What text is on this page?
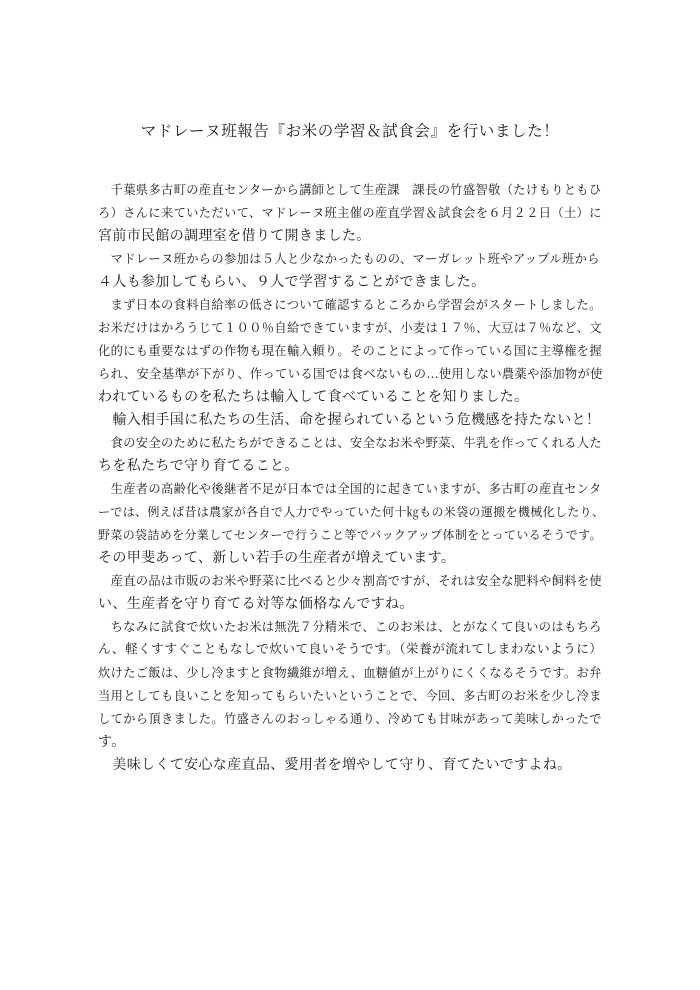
マドレーヌ班報告『お米の学習＆試食会』を行いました！
　千葉県多古町の産直センターから講師として生産課　課長の竹盛智敬（たけもりともひ
ろ）さんに来ていただいて、マドレーヌ班主催の産直学習＆試食会を６月２２日（土）に
宮前市民館の調理室を借りて開きました。
　マドレーヌ班からの参加は５人と少なかったものの、マーガレット班やアップル班から
４人も参加してもらい、９人で学習することができました。
　まず日本の食料自給率の低さについて確認するところから学習会がスタートしました。
お米だけはかろうじて１００％自給できていますが、小麦は１７％、大豆は７％など、文
化的にも重要なはずの作物も現在輸入頼り。そのことによって作っている国に主導権を握
られ、安全基準が下がり、作っている国では食べないもの…使用しない農薬や添加物が使
われているものを私たちは輸入して食べていることを知りました。
　輸入相手国に私たちの生活、命を握られているという危機感を持たないと！
　食の安全のために私たちができることは、安全なお米や野菜、牛乳を作ってくれる人た
ちを私たちで守り育てること。
　生産者の高齢化や後継者不足が日本では全国的に起きていますが、多古町の産直センタ
ーでは、例えば昔は農家が各自で人力でやっていた何十㎏もの米袋の運搬を機械化したり、
野菜の袋詰めを分業してセンターで行うこと等でバックアップ体制をとっているそうです。
その甲斐あって、新しい若手の生産者が増えています。
　産直の品は市販のお米や野菜に比べると少々割高ですが、それは安全な肥料や飼料を使
い、生産者を守り育てる対等な価格なんですね。
　ちなみに試食で炊いたお米は無洗７分精米で、このお米は、とがなくて良いのはもちろ
ん、軽くすすぐこともなしで炊いて良いそうです。（栄養が流れてしまわないように）
炊けたご飯は、少し冷ますと食物繊維が増え、血糖値が上がりにくくなるそうです。お弁
当用としても良いことを知ってもらいたいということで、今回、多古町のお米を少し冷ま
してから頂きました。竹盛さんのおっしゃる通り、冷めても甘味があって美味しかったで
す。
　美味しくて安心な産直品、愛用者を増やして守り、育てたいですよね。
